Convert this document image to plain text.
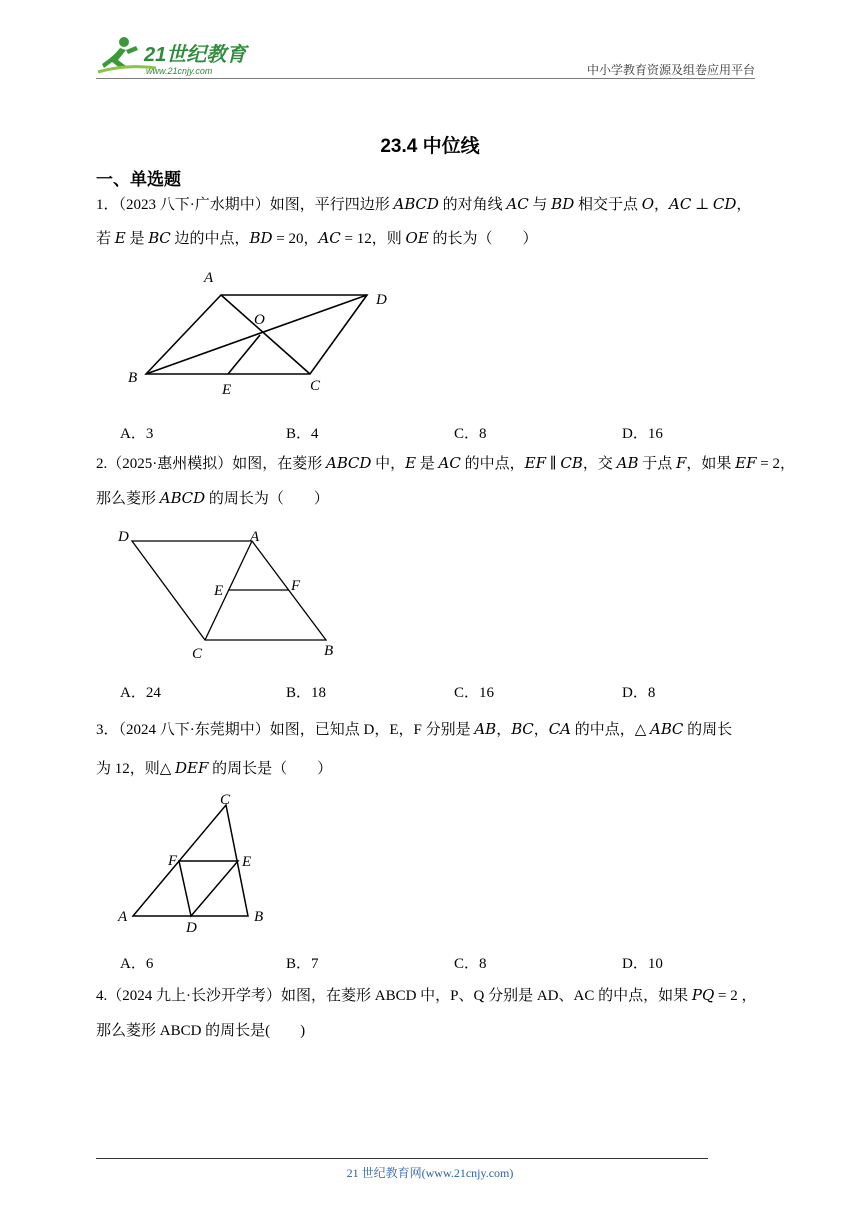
21世纪教育
www.21cnjy.com	中小学教育资源及组卷应用平台
23.4 中位线
一、单选题
1．（2023 八下·广水期中）如图，平行四边形 𝐴𝐵𝐶𝐷 的对角线 𝐴𝐶 与 𝐵𝐷 相交于点 𝑂，𝐴𝐶 ⊥ 𝐶𝐷，
若 𝐸 是 𝐵𝐶 边的中点，𝐵𝐷 = 20，𝐴𝐶 = 12，则 𝑂𝐸 的长为（　　）
A
D
O
B
E	C
A．3	B．4	C．8	D．16
2.（2025·惠州模拟）如图，在菱形 𝐴𝐵𝐶𝐷 中，𝐸 是 𝐴𝐶 的中点，𝐸𝐹 ∥ 𝐶𝐵，交 𝐴𝐵 于点 𝐹，如果 𝐸𝐹 = 2，
那么菱形 𝐴𝐵𝐶𝐷 的周长为（　　）
D	A
E	F
C	B
A．24	B．18	C．16	D．8
3．（2024 八下·东莞期中）如图，已知点 D，E，F 分别是 𝐴𝐵，𝐵𝐶，𝐶𝐴 的中点，△ 𝐴𝐵𝐶 的周长
为 12，则△ 𝐷𝐸𝐹 的周长是（　　）
C
F	E
A
D
B
A．6	B．7	C．8	D．10
4.（2024 九上·长沙开学考）如图，在菱形 ABCD 中，P、Q 分别是 AD、AC 的中点，如果 𝑃𝑄 = 2 ，
那么菱形 ABCD 的周长是(　　)
21 世纪教育网(www.21cnjy.com)
